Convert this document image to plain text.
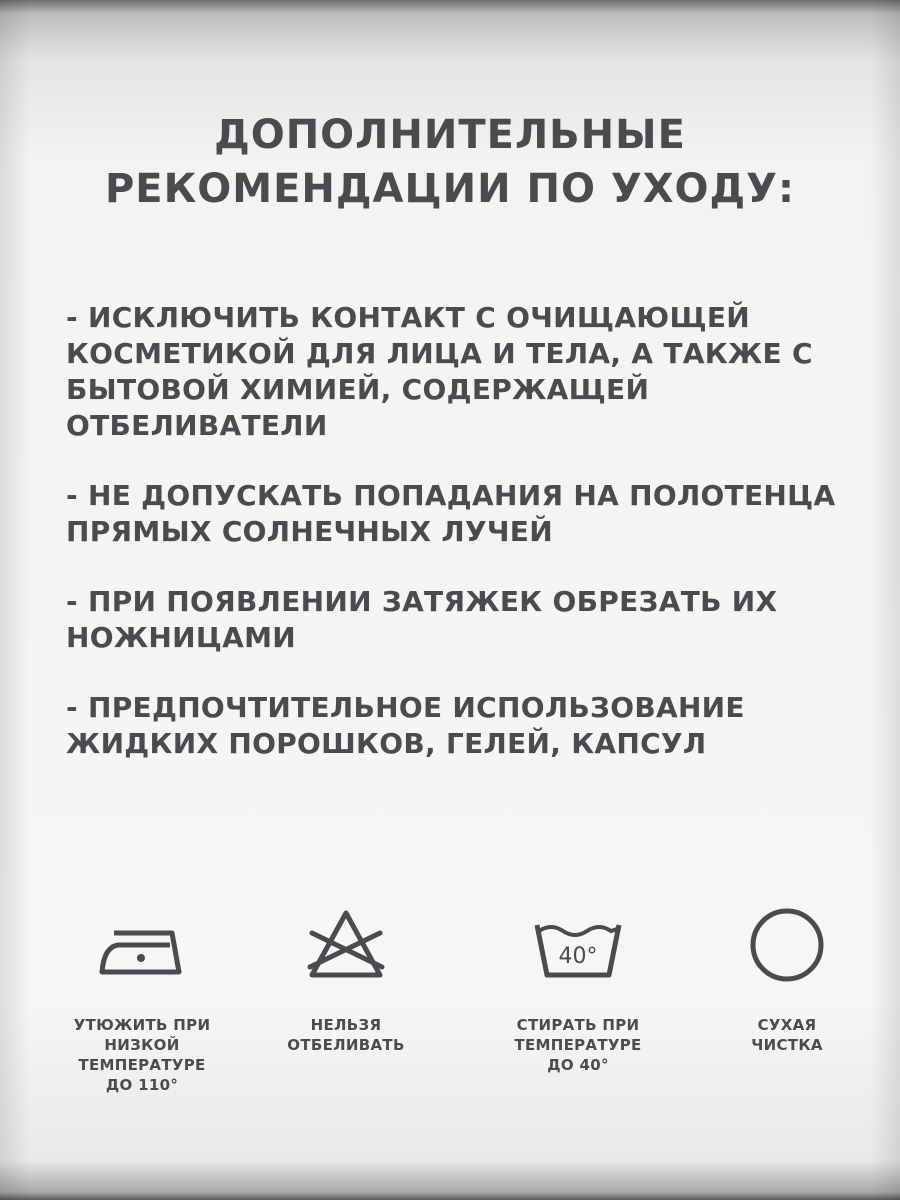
ДОПОЛНИТЕЛЬНЫЕ
РЕКОМЕНДАЦИИ ПО УХОДУ:

- ИСКЛЮЧИТЬ КОНТАКТ С ОЧИЩАЮЩЕЙ КОСМЕТИКОЙ ДЛЯ ЛИЦА И ТЕЛА, А ТАКЖЕ С БЫТОВОЙ ХИМИЕЙ, СОДЕРЖАЩЕЙ ОТБЕЛИВАТЕЛИ

- НЕ ДОПУСКАТЬ ПОПАДАНИЯ НА ПОЛОТЕНЦА ПРЯМЫХ СОЛНЕЧНЫХ ЛУЧЕЙ

- ПРИ ПОЯВЛЕНИИ ЗАТЯЖЕК ОБРЕЗАТЬ ИХ НОЖНИЦАМИ

- ПРЕДПОЧТИТЕЛЬНОЕ ИСПОЛЬЗОВАНИЕ ЖИДКИХ ПОРОШКОВ, ГЕЛЕЙ, КАПСУЛ

УТЮЖИТЬ ПРИ
НИЗКОЙ
ТЕМПЕРАТУРЕ
ДО 110°
НЕЛЬЗЯ
ОТБЕЛИВАТЬ
40°
СТИРАТЬ ПРИ
ТЕМПЕРАТУРЕ
ДО 40°
СУХАЯ
ЧИСТКА
